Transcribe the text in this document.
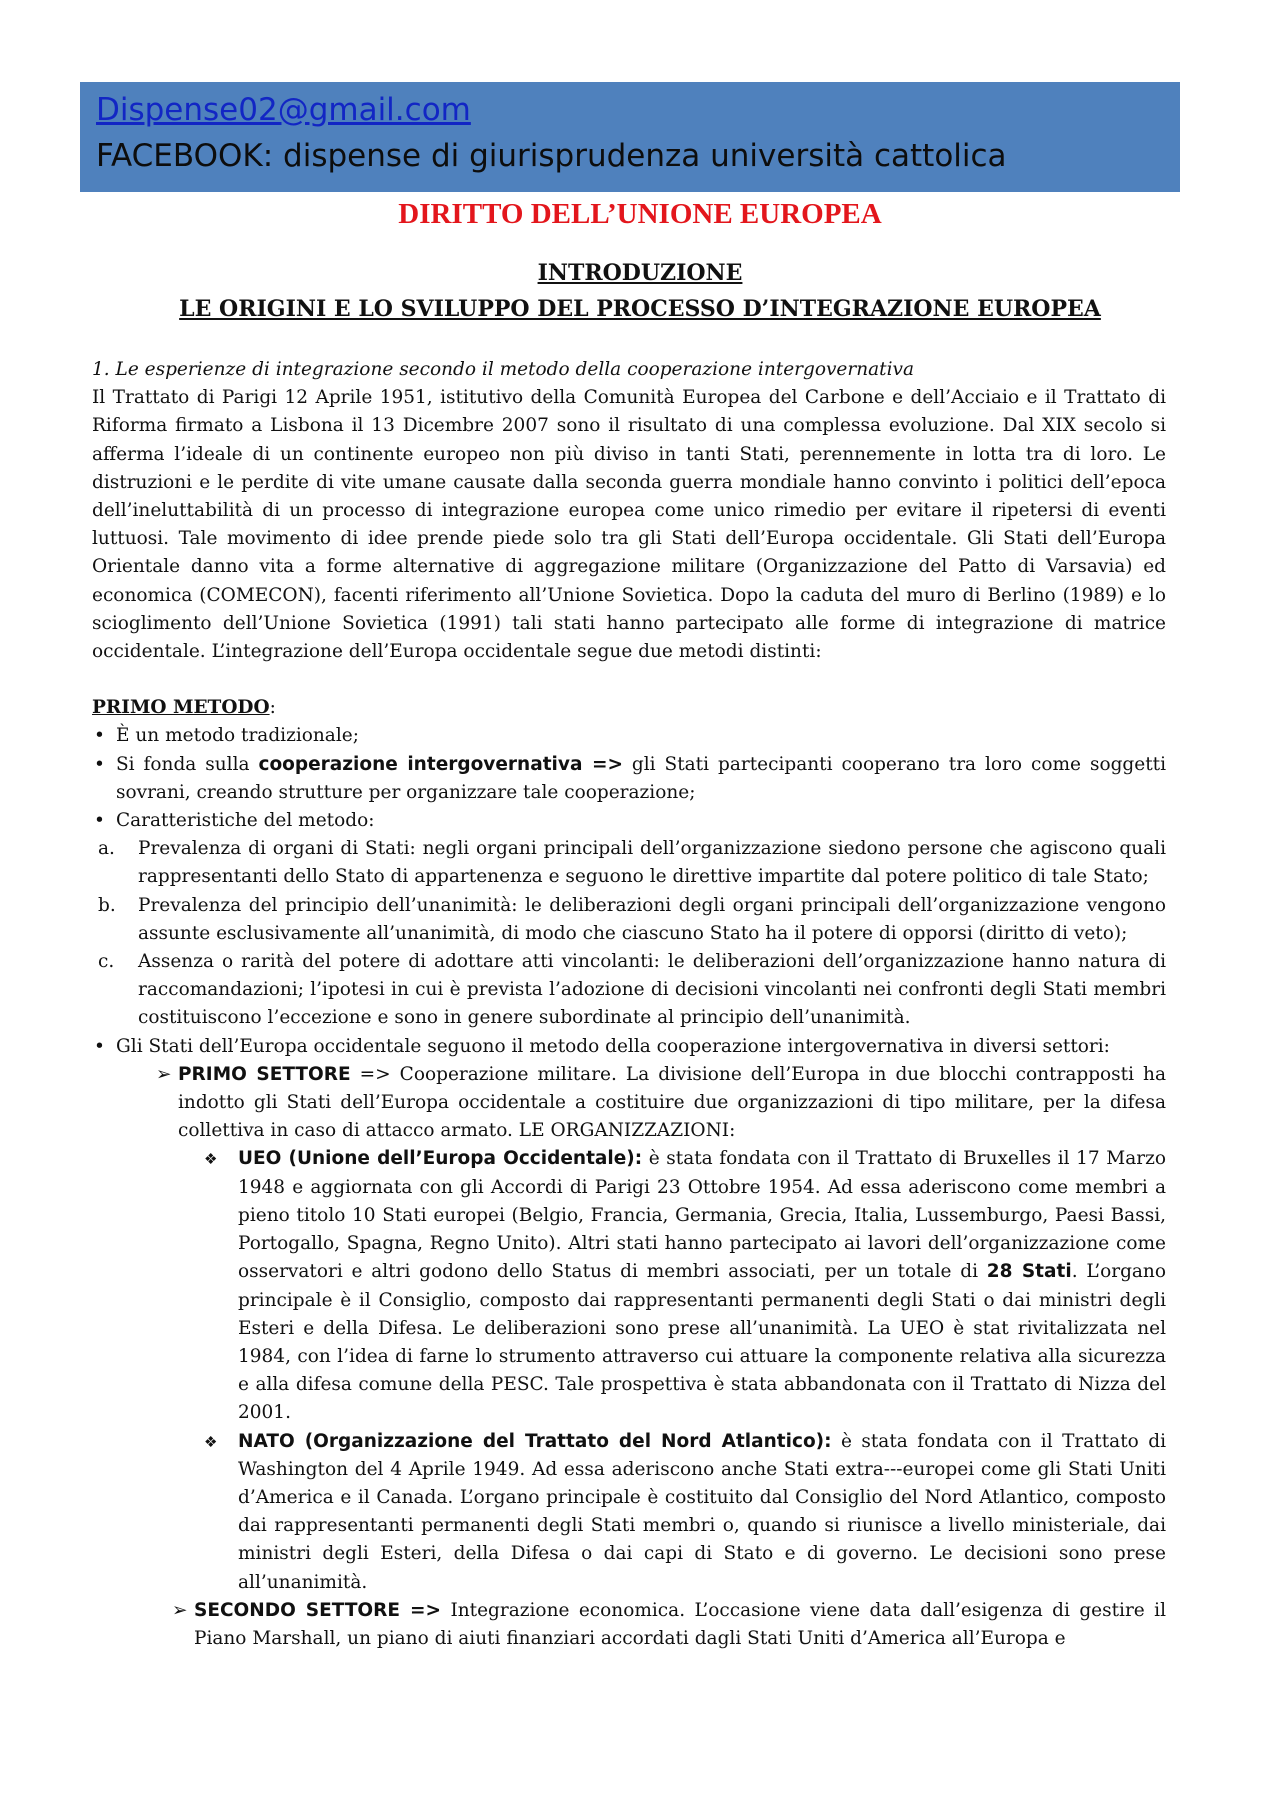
Dispense02@gmail.com
FACEBOOK: dispense di giurisprudenza università cattolica
DIRITTO DELL’UNIONE EUROPEA
INTRODUZIONE
LE ORIGINI E LO SVILUPPO DEL PROCESSO D’INTEGRAZIONE EUROPEA

1. Le esperienze di integrazione secondo il metodo della cooperazione intergovernativa

Il Trattato di Parigi 12 Aprile 1951, istitutivo della Comunità Europea del Carbone e dell’Acciaio e il Trattato di Riforma firmato a Lisbona il 13 Dicembre 2007 sono il risultato di una complessa evoluzione. Dal XIX secolo si afferma l’ideale di un continente europeo non più diviso in tanti Stati, perennemente in lotta tra di loro. Le distruzioni e le perdite di vite umane causate dalla seconda guerra mondiale hanno convinto i politici dell’epoca dell’ineluttabilità di un processo di integrazione europea come unico rimedio per evitare il ripetersi di eventi luttuosi. Tale movimento di idee prende piede solo tra gli Stati dell’Europa occidentale. Gli Stati dell’Europa Orientale danno vita a forme alternative di aggregazione militare (Organizzazione del Patto di Varsavia) ed economica (COMECON), facenti riferimento all’Unione Sovietica. Dopo la caduta del muro di Berlino (1989) e lo scioglimento dell’Unione Sovietica (1991) tali stati hanno partecipato alle forme di integrazione di matrice occidentale. L’integrazione dell’Europa occidentale segue due metodi distinti:

PRIMO METODO:

• È un metodo tradizionale;
• Si fonda sulla cooperazione intergovernativa => gli Stati partecipanti cooperano tra loro come soggetti sovrani, creando strutture per organizzare tale cooperazione;
• Caratteristiche del metodo:
a. Prevalenza di organi di Stati: negli organi principali dell’organizzazione siedono persone che agiscono quali rappresentanti dello Stato di appartenenza e seguono le direttive impartite dal potere politico di tale Stato;
b. Prevalenza del principio dell’unanimità: le deliberazioni degli organi principali dell’organizzazione vengono assunte esclusivamente all’unanimità, di modo che ciascuno Stato ha il potere di opporsi (diritto di veto);
c. Assenza o rarità del potere di adottare atti vincolanti: le deliberazioni dell’organizzazione hanno natura di raccomandazioni; l’ipotesi in cui è prevista l’adozione di decisioni vincolanti nei confronti degli Stati membri costituiscono l’eccezione e sono in genere subordinate al principio dell’unanimità.
• Gli Stati dell’Europa occidentale seguono il metodo della cooperazione intergovernativa in diversi settori:
➢ PRIMO SETTORE => Cooperazione militare. La divisione dell’Europa in due blocchi contrapposti ha indotto gli Stati dell’Europa occidentale a costituire due organizzazioni di tipo militare, per la difesa collettiva in caso di attacco armato. LE ORGANIZZAZIONI:
❖ UEO (Unione dell’Europa Occidentale): è stata fondata con il Trattato di Bruxelles il 17 Marzo 1948 e aggiornata con gli Accordi di Parigi 23 Ottobre 1954. Ad essa aderiscono come membri a pieno titolo 10 Stati europei (Belgio, Francia, Germania, Grecia, Italia, Lussemburgo, Paesi Bassi, Portogallo, Spagna, Regno Unito). Altri stati hanno partecipato ai lavori dell’organizzazione come osservatori e altri godono dello Status di membri associati, per un totale di 28 Stati. L’organo principale è il Consiglio, composto dai rappresentanti permanenti degli Stati o dai ministri degli Esteri e della Difesa. Le deliberazioni sono prese all’unanimità. La UEO è stat rivitalizzata nel 1984, con l’idea di farne lo strumento attraverso cui attuare la componente relativa alla sicurezza e alla difesa comune della PESC. Tale prospettiva è stata abbandonata con il Trattato di Nizza del 2001.
❖ NATO (Organizzazione del Trattato del Nord Atlantico): è stata fondata con il Trattato di Washington del 4 Aprile 1949. Ad essa aderiscono anche Stati extra---europei come gli Stati Uniti d’America e il Canada. L’organo principale è costituito dal Consiglio del Nord Atlantico, composto dai rappresentanti permanenti degli Stati membri o, quando si riunisce a livello ministeriale, dai ministri degli Esteri, della Difesa o dai capi di Stato e di governo. Le decisioni sono prese all’unanimità.
➢ SECONDO SETTORE => Integrazione economica. L’occasione viene data dall’esigenza di gestire il Piano Marshall, un piano di aiuti finanziari accordati dagli Stati Uniti d’America all’Europa e
